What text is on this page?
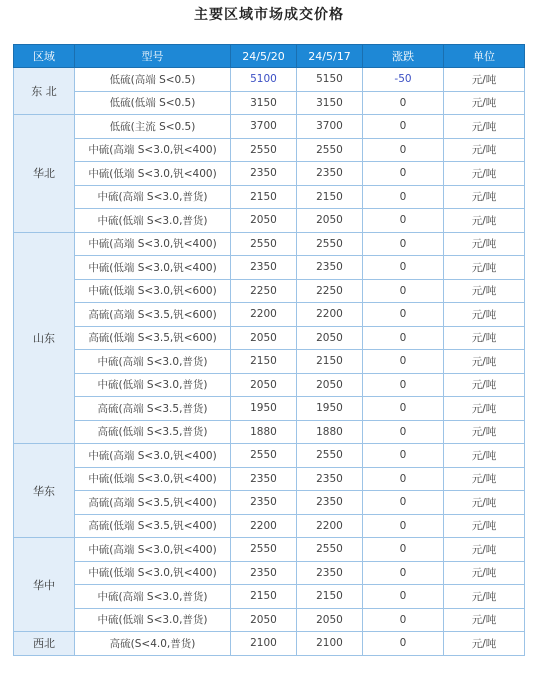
主要区域市场成交价格
区域	型号	24/5/20	24/5/17	涨跌	单位
东 北	低硫(高端 S<0.5)	5100	5150	-50	元/吨
	低硫(低端 S<0.5)	3150	3150	0	元/吨
华北	低硫(主流 S<0.5)	3700	3700	0	元/吨
	中硫(高端 S<3.0,钒<400)	2550	2550	0	元/吨
	中硫(低端 S<3.0,钒<400)	2350	2350	0	元/吨
	中硫(高端 S<3.0,普货)	2150	2150	0	元/吨
	中硫(低端 S<3.0,普货)	2050	2050	0	元/吨
山东	中硫(高端 S<3.0,钒<400)	2550	2550	0	元/吨
	中硫(低端 S<3.0,钒<400)	2350	2350	0	元/吨
	中硫(低端 S<3.0,钒<600)	2250	2250	0	元/吨
	高硫(高端 S<3.5,钒<600)	2200	2200	0	元/吨
	高硫(低端 S<3.5,钒<600)	2050	2050	0	元/吨
	中硫(高端 S<3.0,普货)	2150	2150	0	元/吨
	中硫(低端 S<3.0,普货)	2050	2050	0	元/吨
	高硫(高端 S<3.5,普货)	1950	1950	0	元/吨
	高硫(低端 S<3.5,普货)	1880	1880	0	元/吨
华东	中硫(高端 S<3.0,钒<400)	2550	2550	0	元/吨
	中硫(低端 S<3.0,钒<400)	2350	2350	0	元/吨
	高硫(高端 S<3.5,钒<400)	2350	2350	0	元/吨
	高硫(低端 S<3.5,钒<400)	2200	2200	0	元/吨
华中	中硫(高端 S<3.0,钒<400)	2550	2550	0	元/吨
	中硫(低端 S<3.0,钒<400)	2350	2350	0	元/吨
	中硫(高端 S<3.0,普货)	2150	2150	0	元/吨
	中硫(低端 S<3.0,普货)	2050	2050	0	元/吨
西北	高硫(S<4.0,普货)	2100	2100	0	元/吨
